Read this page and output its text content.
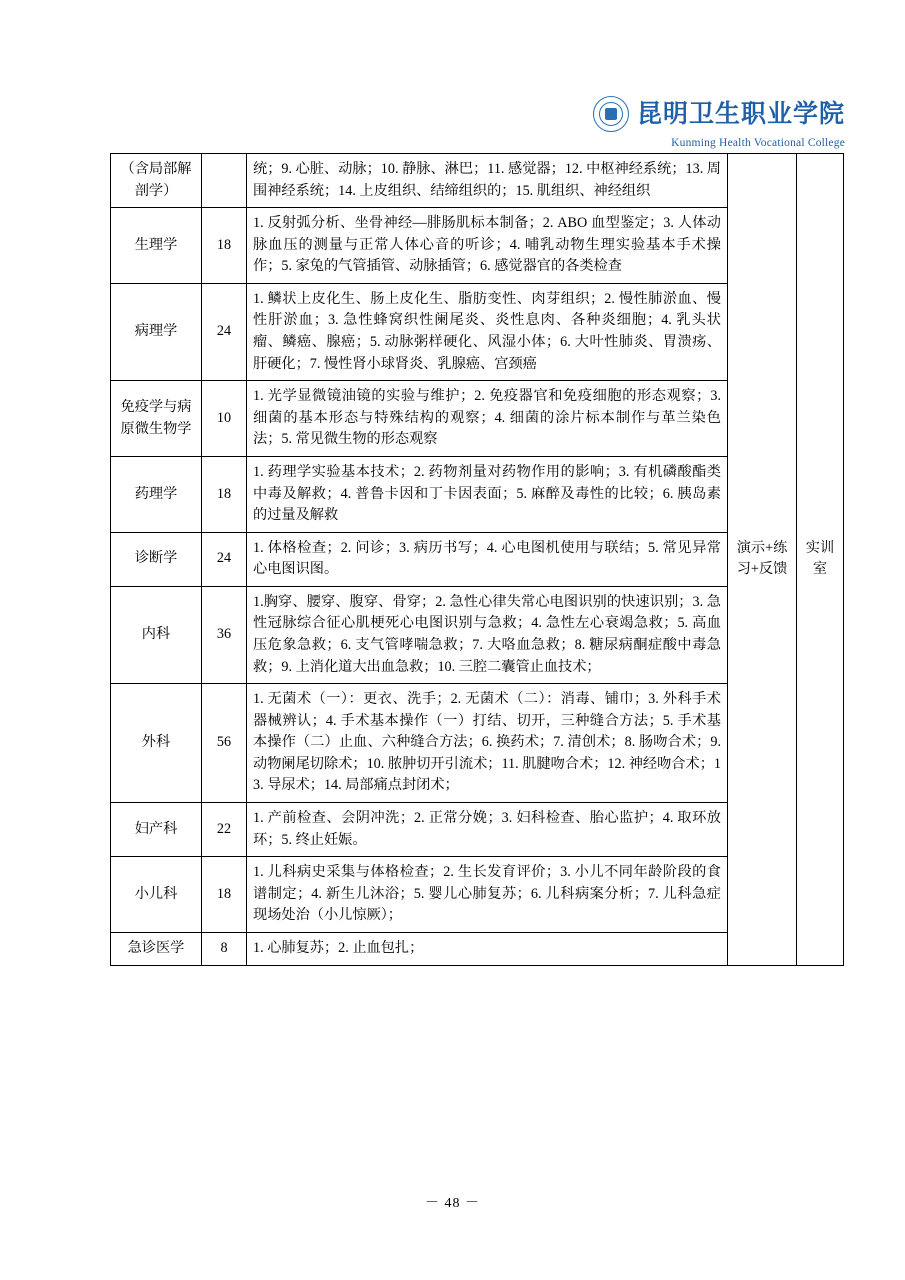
昆明卫生职业学院
Kunming Health Vocational College
（含局部解剖学）		统；9. 心脏、动脉；10. 静脉、淋巴；11. 感觉器；12. 中枢神经系统；13. 周围神经系统；14. 上皮组织、结缔组织的；15. 肌组织、神经组织	演示+练习+反馈	实训室
生理学	18	1. 反射弧分析、坐骨神经—腓肠肌标本制备；2. ABO 血型鉴定；3. 人体动脉血压的测量与正常人体心音的听诊；4. 哺乳动物生理实验基本手术操作；5. 家兔的气管插管、动脉插管；6. 感觉器官的各类检查		
病理学	24	1. 鳞状上皮化生、肠上皮化生、脂肪变性、肉芽组织；2. 慢性肺淤血、慢性肝淤血；3. 急性蜂窝织性阑尾炎、炎性息肉、各种炎细胞；4. 乳头状瘤、鳞癌、腺癌；5. 动脉粥样硬化、风湿小体；6. 大叶性肺炎、胃溃疡、肝硬化；7. 慢性肾小球肾炎、乳腺癌、宫颈癌		
免疫学与病原微生物学	10	1. 光学显微镜油镜的实验与维护；2. 免疫器官和免疫细胞的形态观察；3. 细菌的基本形态与特殊结构的观察；4. 细菌的涂片标本制作与革兰染色法；5. 常见微生物的形态观察		
药理学	18	1. 药理学实验基本技术；2. 药物剂量对药物作用的影响；3. 有机磷酸酯类中毒及解救；4. 普鲁卡因和丁卡因表面；5. 麻醉及毒性的比较；6. 胰岛素的过量及解救		
诊断学	24	1. 体格检查；2. 问诊；3. 病历书写；4. 心电图机使用与联结；5. 常见异常心电图识图。		
内科	36	1.胸穿、腰穿、腹穿、骨穿；2. 急性心律失常心电图识别的快速识别；3. 急性冠脉综合征心肌梗死心电图识别与急救；4. 急性左心衰竭急救；5. 高血压危象急救；6. 支气管哮喘急救；7. 大咯血急救；8. 糖尿病酮症酸中毒急救；9. 上消化道大出血急救；10. 三腔二囊管止血技术；		
外科	56	1. 无菌术（一）：更衣、洗手；2. 无菌术（二）：消毒、铺巾；3. 外科手术器械辨认；4. 手术基本操作（一）打结、切开，三种缝合方法；5. 手术基本操作（二）止血、六种缝合方法；6. 换药术；7. 清创术；8. 肠吻合术；9. 动物阑尾切除术；10. 脓肿切开引流术；11. 肌腱吻合术；12. 神经吻合术；13. 导尿术；14. 局部痛点封闭术；		
妇产科	22	1. 产前检查、会阴冲洗；2. 正常分娩；3. 妇科检查、胎心监护；4. 取环放环；5. 终止妊娠。		
小儿科	18	1. 儿科病史采集与体格检查；2. 生长发育评价；3. 小儿不同年龄阶段的食谱制定；4. 新生儿沐浴；5. 婴儿心肺复苏；6. 儿科病案分析；7. 儿科急症现场处治（小儿惊厥）；		
急诊医学	8	1. 心肺复苏；2. 止血包扎；		
－ 48 －
